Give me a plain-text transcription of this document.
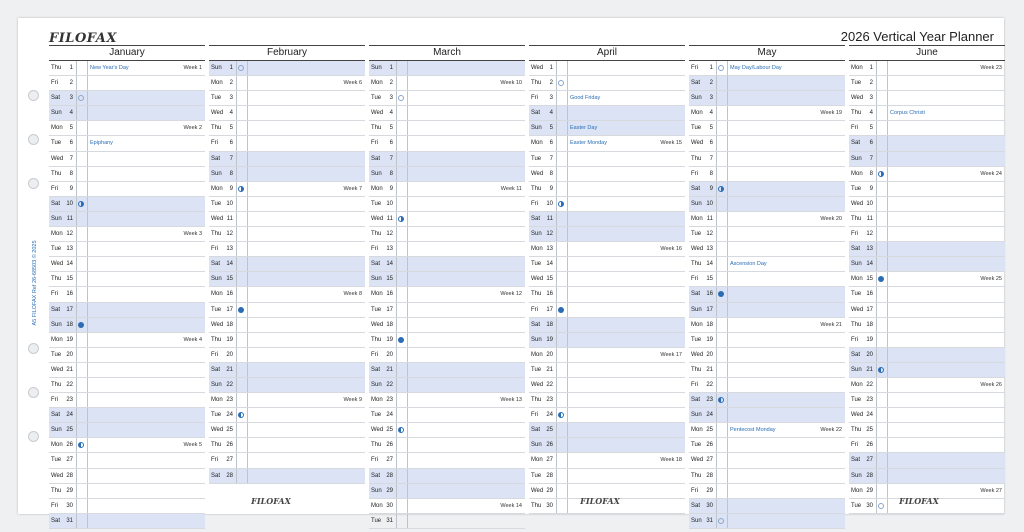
FILOFAX	2026 Vertical Year Planner
A5 FILOFAX Ref 26-68503 © 2025
January
Thu	1	New Year's Day	Week 1
Fri	2
Sat	3
Sun	4
Mon	5	Week 2
Tue	6	Epiphany
Wed	7
Thu	8
Fri	9
Sat	10
Sun 11
Mon 12	Week 3
Tue 13
Wed 14
Thu 15
Fri	16
Sat	17
Sun 18
Mon 19	Week 4
Tue 20
Wed 21
Thu 22
Fri	23
Sat	24
Sun 25
Mon 26	Week 5
Tue 27
Wed 28
Thu 29
Fri	30
Sat	31
February
Sun	1
Mon	2	Week 6
Tue	3
Wed	4
Thu	5
Fri	6
Sat	7
Sun	8
Mon	9	Week 7
Tue 10
Wed 11
Thu 12
Fri	13
Sat	14
Sun 15
Mon 16	Week 8
Tue 17
Wed 18
Thu 19
Fri	20
Sat	21
Sun 22
Mon 23	Week 9
Tue 24
Wed 25
Thu 26
Fri	27
Sat	28
March
Sun	1
Mon	2	Week 10
Tue	3
Wed	4
Thu	5
Fri	6
Sat	7
Sun	8
Mon	9	Week 11
Tue 10
Wed 11
Thu 12
Fri	13
Sat	14
Sun 15
Mon 16	Week 12
Tue 17
Wed 18
Thu 19
Fri	20
Sat	21
Sun 22
Mon 23	Week 13
Tue 24
Wed 25
Thu 26
Fri	27
Sat	28
Sun 29
Mon 30	Week 14
Tue 31
April
Wed	1
Thu	2
Fri	3	Good Friday
Sat	4
Sun	5	Easter Day
Mon	6	Easter Monday	Week 15
Tue	7
Wed	8
Thu	9
Fri	10
Sat	11
Sun 12
Mon 13	Week 16
Tue 14
Wed 15
Thu 16
Fri	17
Sat	18
Sun 19
Mon 20	Week 17
Tue 21
Wed 22
Thu 23
Fri	24
Sat	25
Sun 26
Mon 27	Week 18
Tue 28
Wed 29
Thu 30
May
Fri	1	May Day/Labour Day
Sat	2
Sun	3
Mon	4	Week 19
Tue	5
Wed	6
Thu	7
Fri	8
Sat	9
Sun 10
Mon 11	Week 20
Tue 12
Wed 13
Thu 14	Ascension Day
Fri	15
Sat	16
Sun 17
Mon 18	Week 21
Tue 19
Wed 20
Thu 21
Fri	22
Sat	23
Sun 24
Mon 25	Pentecost Monday	Week 22
Tue 26
Wed 27
Thu 28
Fri	29
Sat	30
Sun 31
June
Mon	1	Week 23
Tue	2
Wed	3
Thu	4	Corpus Christi
Fri	5
Sat	6
Sun	7
Mon	8	Week 24
Tue	9
Wed 10
Thu 11
Fri	12
Sat	13
Sun 14
Mon 15	Week 25
Tue 16
Wed 17
Thu 18
Fri	19
Sat	20
Sun 21
Mon 22	Week 26
Tue 23
Wed 24
Thu 25
Fri	26
Sat	27
Sun 28
Mon 29	Week 27
Tue 30
FILOFAX	FILOFAX	FILOFAX
